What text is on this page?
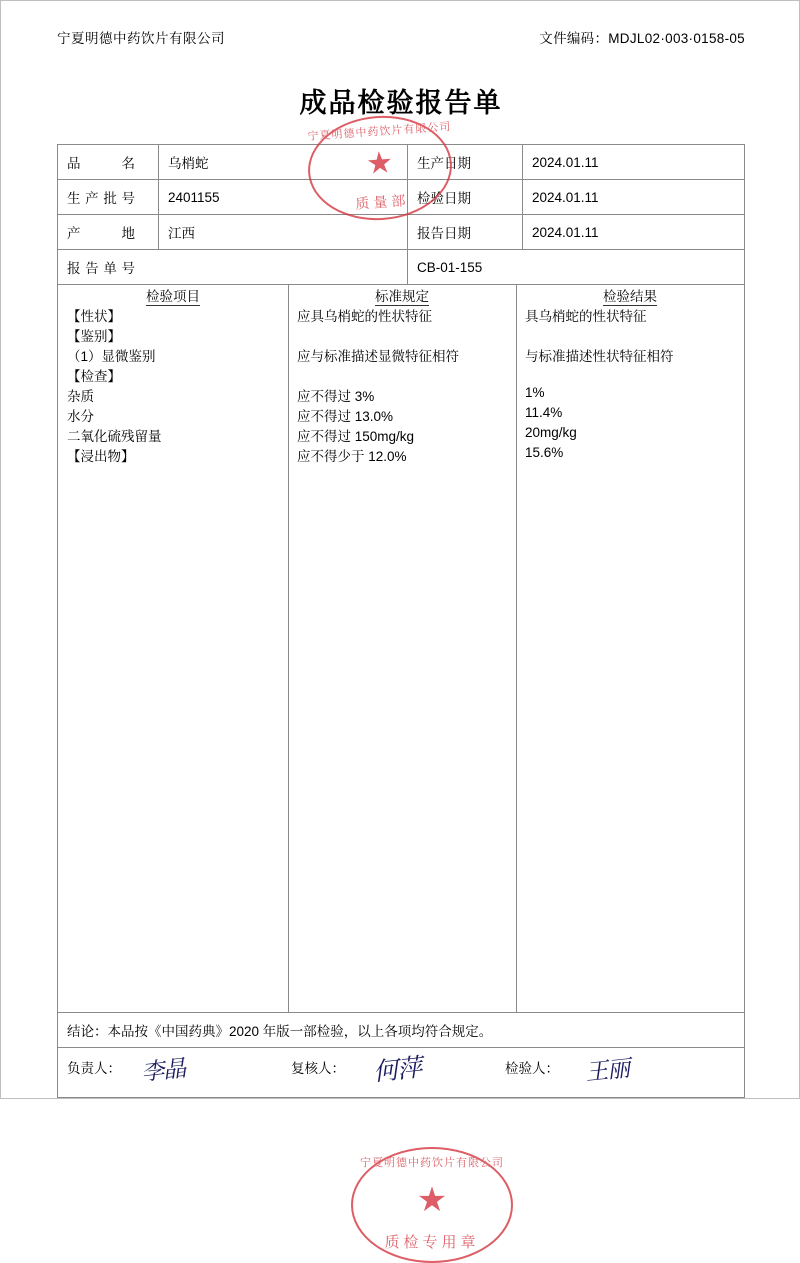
宁夏明德中药饮片有限公司	文件编码：MDJL02·003·0158-05
成品检验报告单
品　名	乌梢蛇	生产日期	2024.01.11
生产批号	2401155	检验日期	2024.01.11
产　地	江西	报告日期	2024.01.11
报告单号		CB-01-155	
检验项目	标准规定	检验结果
【性状】	应具乌梢蛇的性状特征	具乌梢蛇的性状特征
【鉴别】		
（1）显微鉴别	应与标准描述显微特征相符	与标准描述性状特征相符
【检查】		
杂质	应不得过 3%	1%
水分	应不得过 13.0%	11.4%
二氧化硫残留量	应不得过 150mg/kg	20mg/kg
【浸出物】	应不得少于 12.0%	15.6%
宁夏明德中药饮片有限公司
★
质检专用章
结论：本品按《中国药典》2020 年版一部检验，以上各项均符合规定。
负责人： 李晶	复核人： 何萍	检验人： 王丽
宁夏明德中药饮片有限公司
★
质量部
